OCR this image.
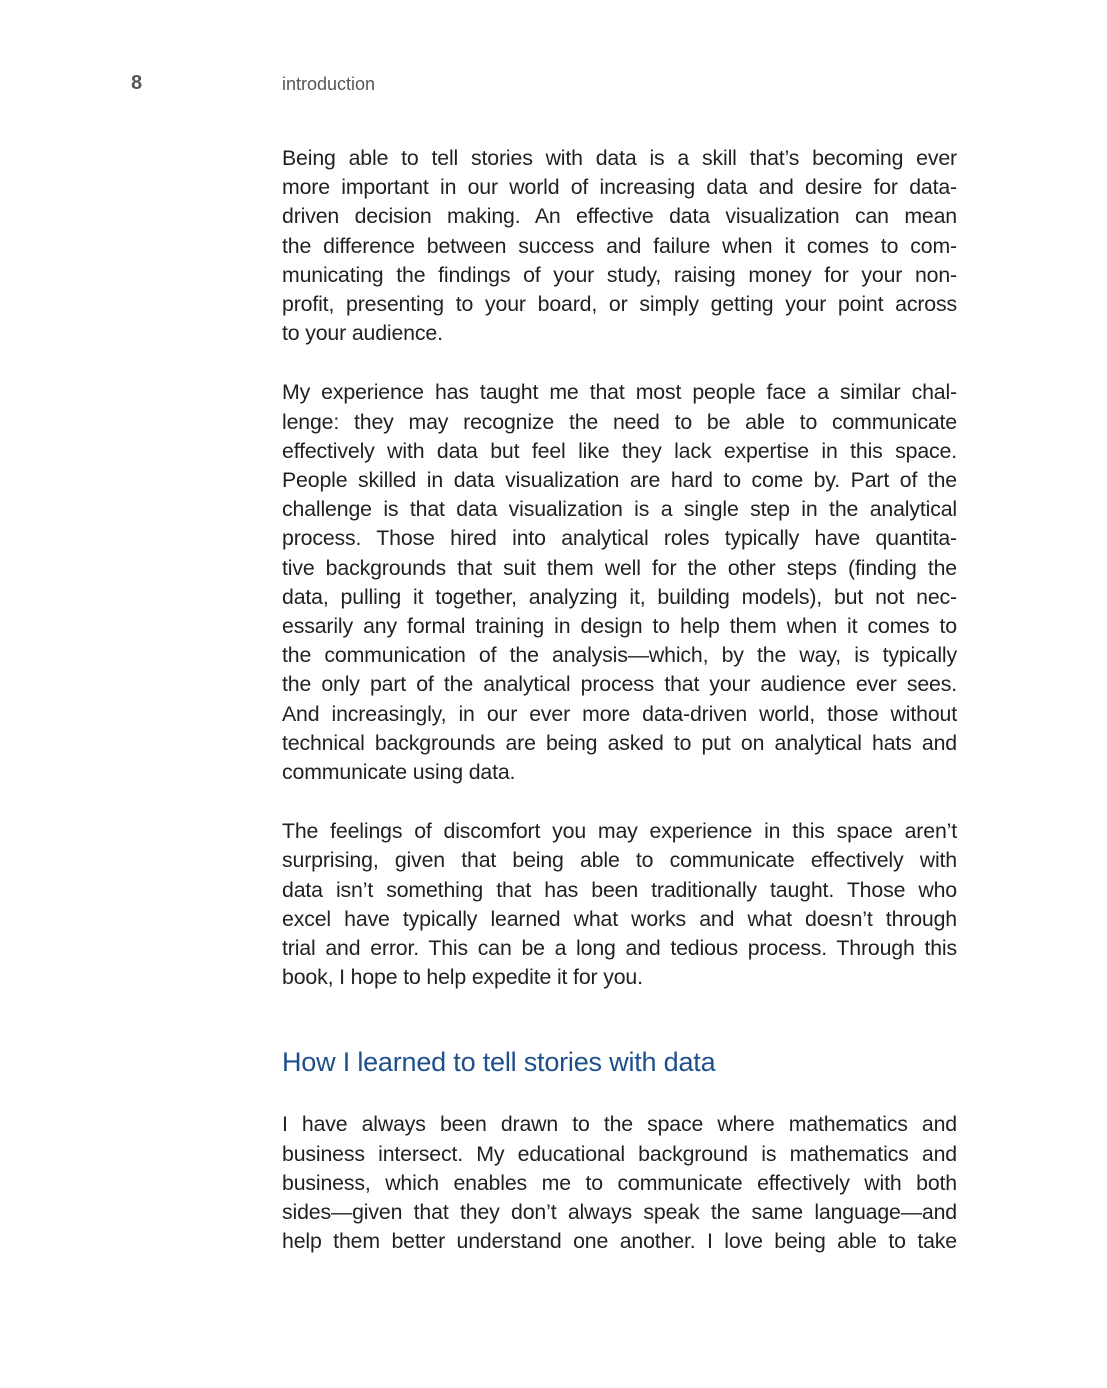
8	introduction

Being able to tell stories with data is a skill that’s becoming ever
more important in our world of increasing data and desire for data-
driven decision making. An effective data visualization can mean
the difference between success and failure when it comes to com-
municating the findings of your study, raising money for your non-
profit, presenting to your board, or simply getting your point across
to your audience.

My experience has taught me that most people face a similar chal-
lenge: they may recognize the need to be able to communicate
effectively with data but feel like they lack expertise in this space.
People skilled in data visualization are hard to come by. Part of the
challenge is that data visualization is a single step in the analytical
process. Those hired into analytical roles typically have quantita-
tive backgrounds that suit them well for the other steps (finding the
data, pulling it together, analyzing it, building models), but not nec-
essarily any formal training in design to help them when it comes to
the communication of the analysis—which, by the way, is typically
the only part of the analytical process that your audience ever sees.
And increasingly, in our ever more data-driven world, those without
technical backgrounds are being asked to put on analytical hats and
communicate using data.

The feelings of discomfort you may experience in this space aren’t
surprising, given that being able to communicate effectively with
data isn’t something that has been traditionally taught. Those who
excel have typically learned what works and what doesn’t through
trial and error. This can be a long and tedious process. Through this
book, I hope to help expedite it for you.

How I learned to tell stories with data

I have always been drawn to the space where mathematics and
business intersect. My educational background is mathematics and
business, which enables me to communicate effectively with both
sides—given that they don’t always speak the same language—and
help them better understand one another. I love being able to take
